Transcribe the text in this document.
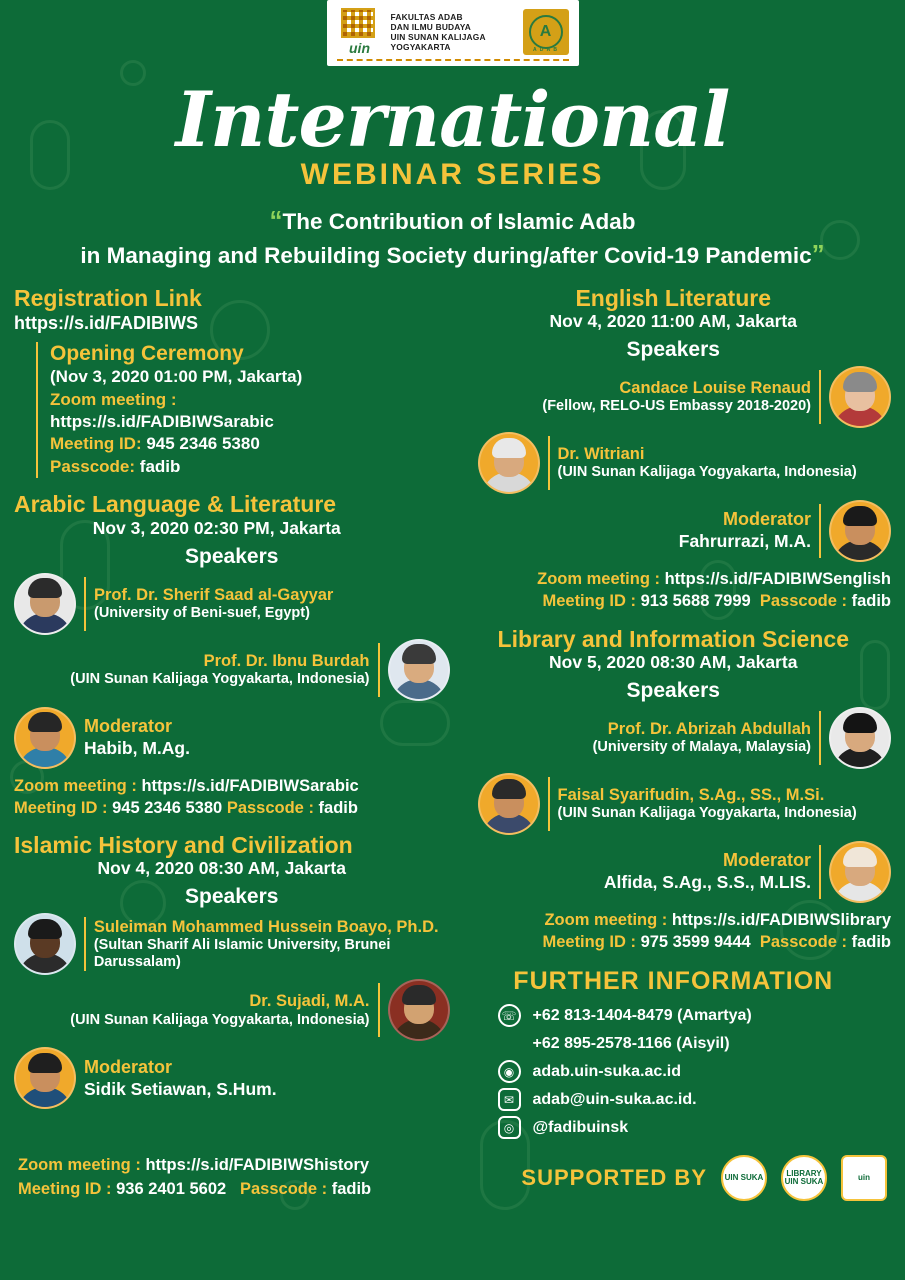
uin
FAKULTAS ADAB
DAN ILMU BUDAYA
UIN SUNAN KALIJAGA
YOGYAKARTA
A
A D A B
International
WEBINAR SERIES
“The Contribution of Islamic Adab
in Managing and Rebuilding Society during/after Covid-19 Pandemic”
Registration Link
https://s.id/FADIBIWS
Opening Ceremony
(Nov 3, 2020 01:00 PM, Jakarta)
Zoom meeting :
https://s.id/FADIBIWSarabic
Meeting ID: 945 2346 5380
Passcode: fadib
Arabic Language & Literature
Nov 3, 2020 02:30 PM, Jakarta
Speakers
Prof. Dr. Sherif Saad al-Gayyar
(University of Beni-suef, Egypt)
Prof. Dr. Ibnu Burdah
(UIN Sunan Kalijaga Yogyakarta, Indonesia)
Moderator
Habib, M.Ag.
Zoom meeting : https://s.id/FADIBIWSarabic
Meeting ID : 945 2346 5380 Passcode : fadib
Islamic History and Civilization
Nov 4, 2020 08:30 AM, Jakarta
Speakers
Suleiman Mohammed Hussein Boayo, Ph.D.
(Sultan Sharif Ali Islamic University, Brunei Darussalam)
Dr. Sujadi, M.A.
(UIN Sunan Kalijaga Yogyakarta, Indonesia)
Moderator
Sidik Setiawan, S.Hum.
English Literature
Nov 4, 2020 11:00 AM, Jakarta
Speakers
Candace Louise Renaud
(Fellow, RELO-US Embassy 2018-2020)
Dr. Witriani
(UIN Sunan Kalijaga Yogyakarta, Indonesia)
Moderator
Fahrurrazi, M.A.
Zoom meeting : https://s.id/FADIBIWSenglish
Meeting ID : 913 5688 7999 Passcode : fadib
Library and Information Science
Nov 5, 2020 08:30 AM, Jakarta
Speakers
Prof. Dr. Abrizah Abdullah
(University of Malaya, Malaysia)
Faisal Syarifudin, S.Ag., SS., M.Si.
(UIN Sunan Kalijaga Yogyakarta, Indonesia)
Moderator
Alfida, S.Ag., S.S., M.LIS.
Zoom meeting : https://s.id/FADIBIWSlibrary
Meeting ID : 975 3599 9444 Passcode : fadib
FURTHER INFORMATION
☏ +62 813-1404-8479 (Amartya)
+62 895-2578-1166 (Aisyil)
◉	adab.uin-suka.ac.id
✉	adab@uin-suka.ac.id.
◎	@fadibuinsk
Zoom meeting : https://s.id/FADIBIWShistory
Meeting ID : 936 2401 5602 Passcode : fadib	SUPPORTED BY	UIN SUKA	LIBRARY UIN SUKA	uin
